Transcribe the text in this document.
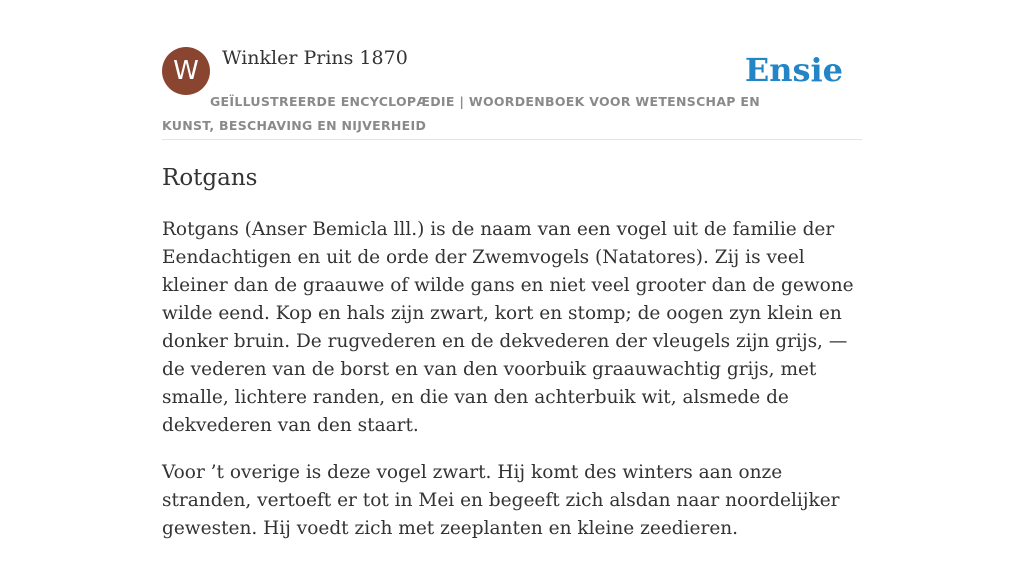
W	Winkler Prins 1870
GEÏLLUSTREERDE ENCYCLOPÆDIE | WOORDENBOEK VOOR WETENSCHAP EN KUNST, BESCHAVING EN NIJVERHEID
Ensie
Rotgans

Rotgans (Anser Bemicla lll.) is de naam van een vogel uit de familie der Eendachtigen en uit de orde der Zwemvogels (Natatores). Zij is veel kleiner dan de graauwe of wilde gans en niet veel grooter dan de gewone wilde eend. Kop en hals zijn zwart, kort en stomp; de oogen zyn klein en donker bruin. De rugvederen en de dekvederen der vleugels zijn grijs, — de vederen van de borst en van den voorbuik graauwachtig grijs, met smalle, lichtere randen, en die van den achterbuik wit, alsmede de dekvederen van den staart.

Voor ’t overige is deze vogel zwart. Hij komt des winters aan onze stranden, vertoeft er tot in Mei en begeeft zich alsdan naar noordelijker gewesten. Hij voedt zich met zeeplanten en kleine zeedieren.
